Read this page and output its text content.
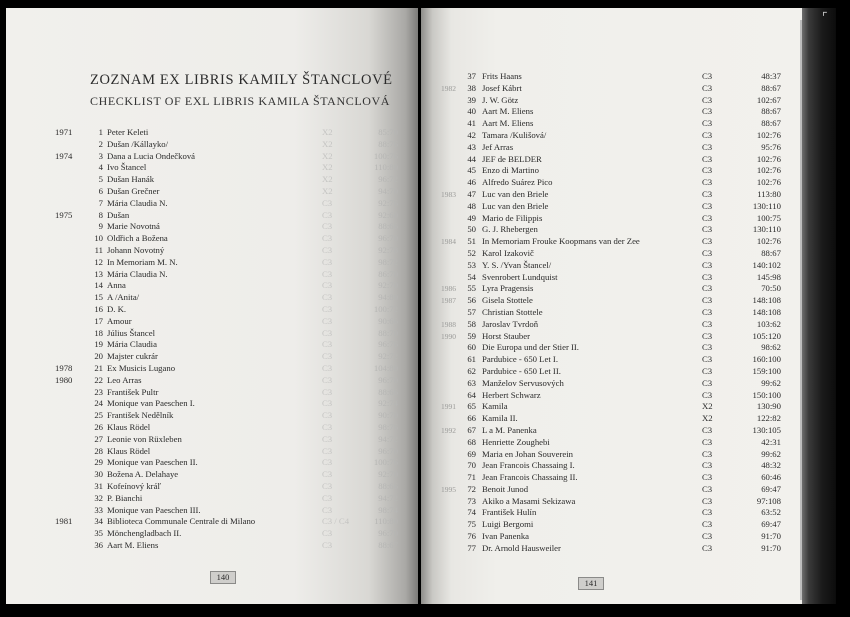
ZOZNAM EX LIBRIS KAMILY ŠTANCLOVÉ
CHECKLIST OF EXL LIBRIS KAMILA ŠTANCLOVÁ
1971	1 Peter Keleti	X2	85:70
2 Dušan /Kállayko/	X2	88:76
1974	3 Dana a Lucia Ondečková	X2	100:76
4 Ivo Štancel	X2	110:80
5 Dušan Hanák	X2	96:72
6 Dušan Grečner	X2	94:70
7 Mária Claudia N.	C3	92:76
1975	8 Dušan	C3	92:60
9 Marie Novotná	C3	88:66
10 Oldřich a Božena	C3	96:70
11 Johann Novotný	C3	92:78
12 In Memoriam M. N.	C3	98:72
13 Mária Claudia N.	C3	86:70
14 Anna	C3	92:70
15 A /Anita/	C3	94:80
16 D. K.	C3	100:72
17 Amour	C3	90:66
18 Július Štancel	C3	88:70
19 Mária Claudia	C3	96:76
20 Majster cukrár	C3	92:72
1978	21 Ex Musicis Lugano	C3	104:80
1980	22 Leo Arras	C3	96:70
23 František Pultr	C3	88:66
24 Monique van Paeschen I.	C3	92:74
25 František Nedělník	C3	90:70
26 Klaus Rödel	C3	98:76
27 Leonie von Rüxleben	C3	94:72
28 Klaus Rödel	C3	96:70
29 Monique van Paeschen II.	C3	100:76
30 Božena A. Delahaye	C3	92:70
31 Kofeínový kráľ	C3	88:66
32 P. Bianchi	C3	94:72
33 Monique van Paeschen III.	C3	98:74
1981	34 Biblioteca Communale Centrale di Milano	C3 / C4	110:80
35 Mönchengladbach II.	C3	96:70
36 Aart M. Eliens	C3	88:67
140
37 Frits Haans	C3	48:37
1982	38 Josef Kábrt	C3	88:67
39 J. W. Götz	C3	102:67
40 Aart M. Eliens	C3	88:67
41 Aart M. Eliens	C3	88:67
42 Tamara /Kulišová/	C3	102:76
43 Jef Arras	C3	95:76
44 JEF de BELDER	C3	102:76
45 Enzo di Martino	C3	102:76
46 Alfredo Suárez Pico	C3	102:76
1983	47 Luc van den Briele	C3	113:80
48 Luc van den Briele	C3	130:110
49 Mario de Filippis	C3	100:75
50 G. J. Rhebergen	C3	130:110
1984	51 In Memoriam Frouke Koopmans van der Zee	C3	102:76
52 Karol Izakovič	C3	88:67
53 Y. S. /Yvan Štancel/	C3	140:102
54 Svenrobert Lundquist	C3	145:98
1986	55 Lyra Pragensis	C3	70:50
1987	56 Gisela Stottele	C3	148:108
57 Christian Stottele	C3	148:108
1988	58 Jaroslav Tvrdoň	C3	103:62
1990	59 Horst Stauber	C3	105:120
60 Die Europa und der Stier II.	C3	98:62
61 Pardubice - 650 Let I.	C3	160:100
62 Pardubice - 650 Let II.	C3	159:100
63 Manželov Servusových	C3	99:62
64 Herbert Schwarz	C3	150:100
1991	65 Kamila	X2	130:90
66 Kamila II.	X2	122:82
1992	67 L a M. Panenka	C3	130:105
68 Henriette Zoughebi	C3	42:31
69 Maria en Johan Souverein	C3	99:62
70 Jean Francois Chassaing I.	C3	48:32
71 Jean Francois Chassaing II.	C3	60:46
1995	72 Benoit Junod	C3	69:47
73 Akiko a Masami Sekizawa	C3	97:108
74 František Hulín	C3	63:52
75 Luigi Bergomi	C3	69:47
76 Ivan Panenka	C3	91:70
77 Dr. Arnold Hausweiler	C3	91:70
141
⌜
